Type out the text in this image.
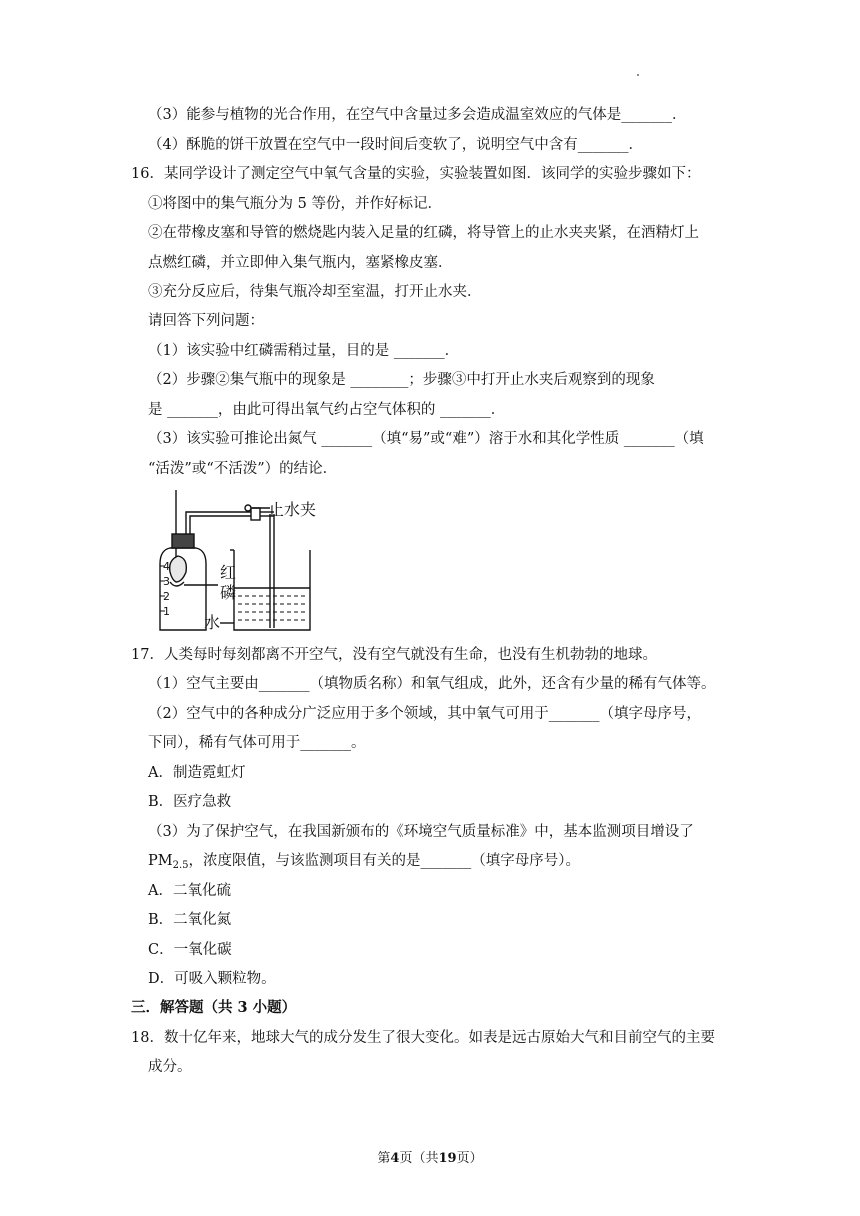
（3）能参与植物的光合作用，在空气中含量过多会造成温室效应的气体是_______．
（4）酥脆的饼干放置在空气中一段时间后变软了，说明空气中含有_______．
16．某同学设计了测定空气中氧气含量的实验，实验装置如图．该同学的实验步骤如下：
①将图中的集气瓶分为 5 等份，并作好标记．
②在带橡皮塞和导管的燃烧匙内装入足量的红磷，将导管上的止水夹夹紧，在酒精灯上
点燃红磷，并立即伸入集气瓶内，塞紧橡皮塞．
③充分反应后，待集气瓶冷却至室温，打开止水夹．
请回答下列问题：
（1）该实验中红磷需稍过量，目的是 _______．
（2）步骤②集气瓶中的现象是 ________；步骤③中打开止水夹后观察到的现象
是 _______，由此可得出氧气约占空气体积的 _______．
（3）该实验可推论出氮气 _______（填“易”或“难”）溶于水和其化学性质 _______（填
“活泼”或“不活泼”）的结论．
4
3
2
1
止水夹
红
磷
水
17．人类每时每刻都离不开空气，没有空气就没有生命，也没有生机勃勃的地球。
（1）空气主要由_______（填物质名称）和氧气组成，此外，还含有少量的稀有气体等。
（2）空气中的各种成分广泛应用于多个领域，其中氧气可用于_______（填字母序号，
下同），稀有气体可用于_______。
A．制造霓虹灯
B．医疗急救
（3）为了保护空气，在我国新颁布的《环境空气质量标准》中，基本监测项目增设了
$PM_{2.5}$，浓度限值，与该监测项目有关的是_______（填字母序号）。
A．二氧化硫
B．二氧化氮
C．一氧化碳
D．可吸入颗粒物。
三．解答题（共 3 小题）
18．数十亿年来，地球大气的成分发生了很大变化。如表是远古原始大气和目前空气的主要
成分。
第4页（共19页）
